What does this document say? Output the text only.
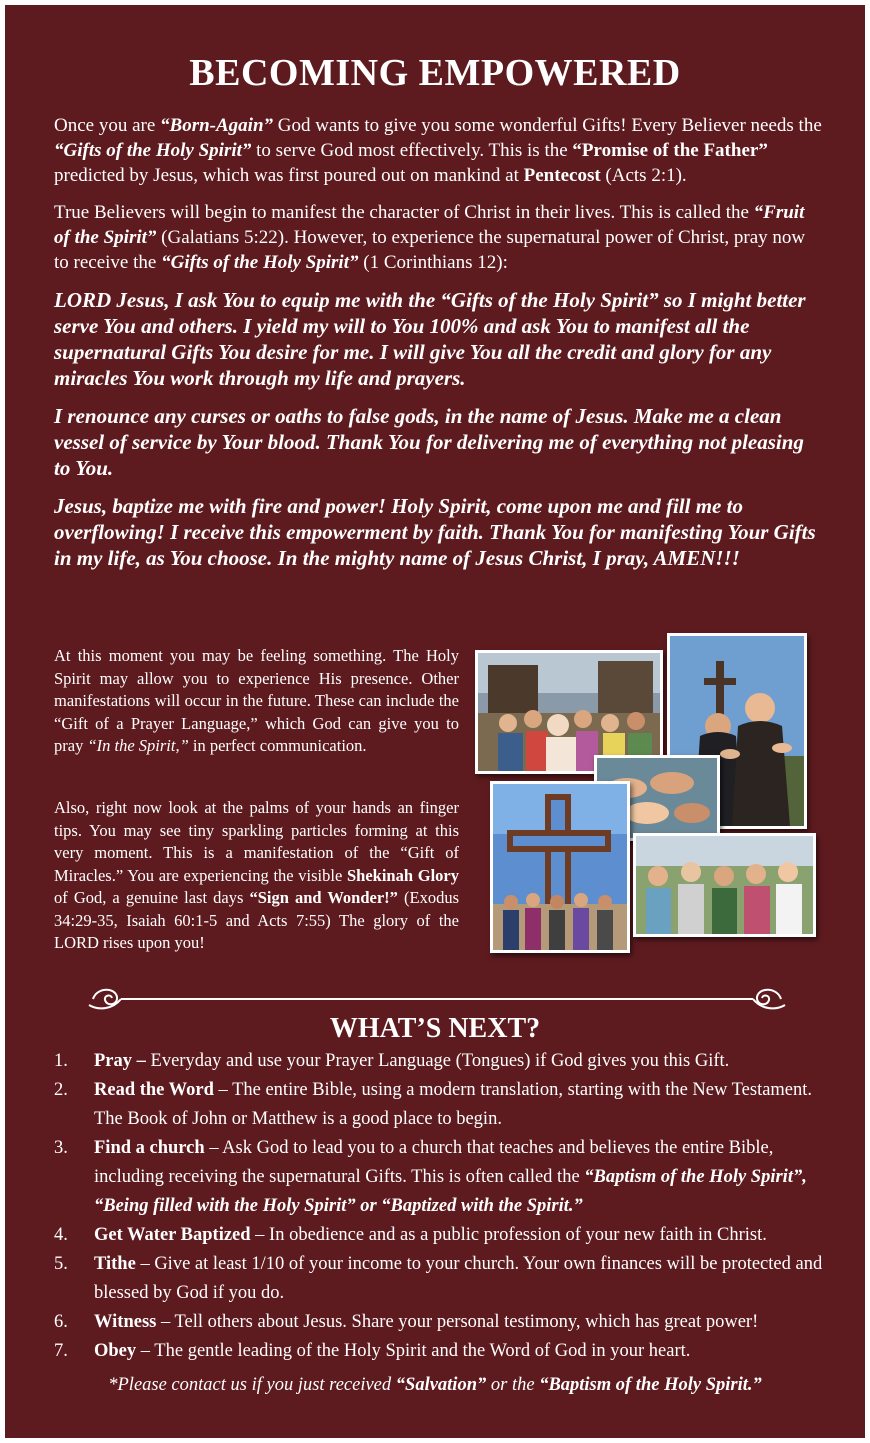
BECOMING EMPOWERED

Once you are “Born-Again” God wants to give you some wonderful Gifts! Every Believer needs the “Gifts of the Holy Spirit” to serve God most effectively. This is the “Promise of the Father” predicted by Jesus, which was first poured out on mankind at Pentecost (Acts 2:1).

True Believers will begin to manifest the character of Christ in their lives. This is called the “Fruit of the Spirit” (Galatians 5:22). However, to experience the supernatural power of Christ, pray now to receive the “Gifts of the Holy Spirit” (1 Corinthians 12):

LORD Jesus, I ask You to equip me with the “Gifts of the Holy Spirit” so I might better serve You and others. I yield my will to You 100% and ask You to manifest all the supernatural Gifts You desire for me. I will give You all the credit and glory for any miracles You work through my life and prayers.

I renounce any curses or oaths to false gods, in the name of Jesus. Make me a clean vessel of service by Your blood. Thank You for delivering me of everything not pleasing to You.

Jesus, baptize me with fire and power! Holy Spirit, come upon me and fill me to overflowing! I receive this empowerment by faith. Thank You for manifesting Your Gifts in my life, as You choose. In the mighty name of Jesus Christ, I pray, AMEN!!!

At this moment you may be feeling something. The Holy Spirit may allow you to experience His presence. Other manifestations will occur in the future. These can include the “Gift of a Prayer Language,” which God can give you to pray “In the Spirit,” in perfect communication.

Also, right now look at the palms of your hands an finger tips. You may see tiny sparkling particles forming at this very moment. This is a manifestation of the “Gift of Miracles.” You are experiencing the visible Shekinah Glory of God, a genuine last days “Sign and Wonder!” (Exodus 34:29-35, Isaiah 60:1-5 and Acts 7:55) The glory of the LORD rises upon you!

WHAT’S NEXT?
1. Pray – Everyday and use your Prayer Language (Tongues) if God gives you this Gift.
2. Read the Word – The entire Bible, using a modern translation, starting with the New Testament. The Book of John or Matthew is a good place to begin.
3. Find a church – Ask God to lead you to a church that teaches and believes the entire Bible, including receiving the supernatural Gifts. This is often called the “Baptism of the Holy Spirit”, “Being filled with the Holy Spirit” or “Baptized with the Spirit.”
4. Get Water Baptized – In obedience and as a public profession of your new faith in Christ.
5. Tithe – Give at least 1/10 of your income to your church. Your own finances will be protected and blessed by God if you do.
6. Witness – Tell others about Jesus. Share your personal testimony, which has great power!
7. Obey – The gentle leading of the Holy Spirit and the Word of God in your heart.
*Please contact us if you just received “Salvation” or the “Baptism of the Holy Spirit.”
